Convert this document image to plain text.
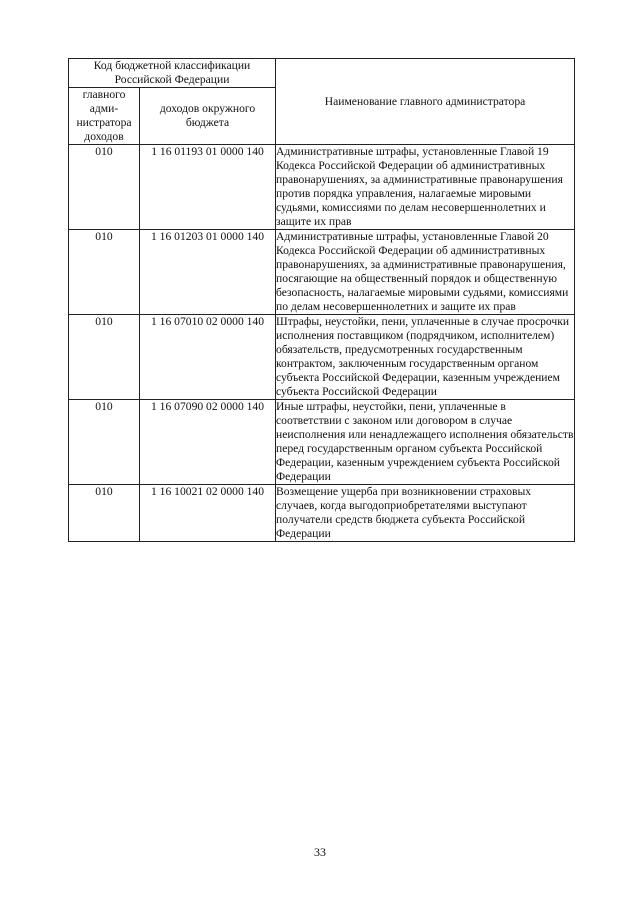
Код бюджетной классификации Российской Федерации		Наименование главного администратора
главного адми-нистратора доходов	доходов окружного бюджета	
010	1 16 01193 01 0000 140	Административные штрафы, установленные Главой 19 Кодекса Российской Федерации об административных правонарушениях, за административные правонарушения против порядка управления, налагаемые мировыми судьями, комиссиями по делам несовершеннолетних и защите их прав
010	1 16 01203 01 0000 140	Административные штрафы, установленные Главой 20 Кодекса Российской Федерации об административных правонарушениях, за административные правонарушения, посягающие на общественный порядок и общественную безопасность, налагаемые мировыми судьями, комиссиями по делам несовершеннолетних и защите их прав
010	1 16 07010 02 0000 140	Штрафы, неустойки, пени, уплаченные в случае просрочки исполнения поставщиком (подрядчиком, исполнителем) обязательств, предусмотренных государственным контрактом, заключенным государственным органом субъекта Российской Федерации, казенным учреждением субъекта Российской Федерации
010	1 16 07090 02 0000 140	Иные штрафы, неустойки, пени, уплаченные в соответствии с законом или договором в случае неисполнения или ненадлежащего исполнения обязательств перед государственным органом субъекта Российской Федерации, казенным учреждением субъекта Российской Федерации
010	1 16 10021 02 0000 140	Возмещение ущерба при возникновении страховых случаев, когда выгодоприобретателями выступают получатели средств бюджета субъекта Российской Федерации
33
